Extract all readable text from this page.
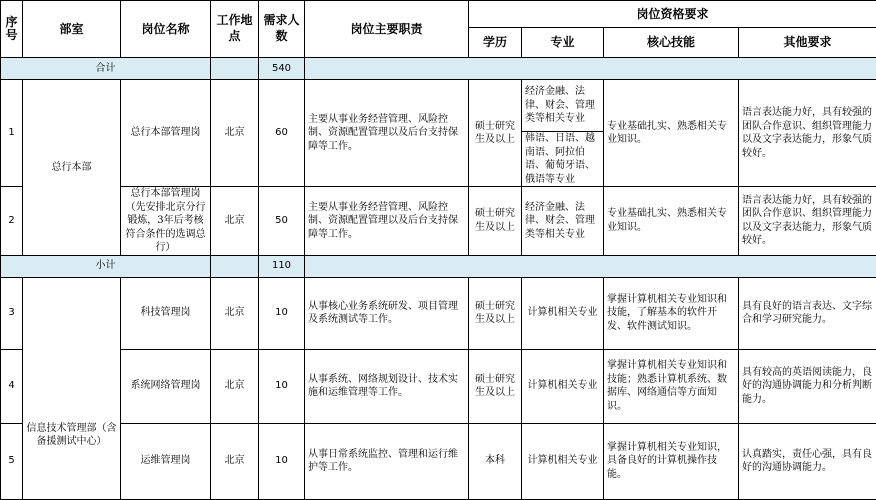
序号	部室	岗位名称	工作地点	需求人数	岗位主要职责	岗位资格要求			
						学历	专业	核心技能	其他要求
合计				540					
1	总行本部	总行本部管理岗	北京	60	主要从事业务经营管理、风险控制、资源配置管理以及后台支持保障等工作。	硕士研究生及以上	经济金融、法律、财会、管理类等相关专业	专业基础扎实、熟悉相关专业知识。	语言表达能力好，具有较强的团队合作意识、组织管理能力以及文字表达能力，形象气质较好。
							韩语、日语、越南语、阿拉伯语、葡萄牙语、俄语等专业		
2		总行本部管理岗（先安排北京分行锻炼，3年后考核符合条件的选调总行）	北京	50	主要从事业务经营管理、风险控制、资源配置管理以及后台支持保障等工作。	硕士研究生及以上	经济金融、法律、财会、管理类等相关专业	专业基础扎实、熟悉相关专业知识。	语言表达能力好，具有较强的团队合作意识、组织管理能力以及文字表达能力，形象气质较好。
小计				110					
3	信息技术管理部（含备援测试中心）	科技管理岗	北京	10	从事核心业务系统研发、项目管理及系统测试等工作。	硕士研究生及以上	计算机相关专业	掌握计算机相关专业知识和技能，了解基本的软件开发、软件测试知识。	具有良好的语言表达、文字综合和学习研究能力。
4		系统网络管理岗	北京	10	从事系统、网络规划设计、技术实施和运维管理等工作。	硕士研究生及以上	计算机相关专业	掌握计算机相关专业知识和技能；熟悉计算机系统、数据库、网络通信等方面知识。	具有较高的英语阅读能力，良好的沟通协调能力和分析判断能力。
5		运维管理岗	北京	10	从事日常系统监控、管理和运行维护等工作。	本科	计算机相关专业	掌握计算机相关专业知识，具备良好的计算机操作技能。	认真踏实，责任心强，具有良好的沟通协调能力。
